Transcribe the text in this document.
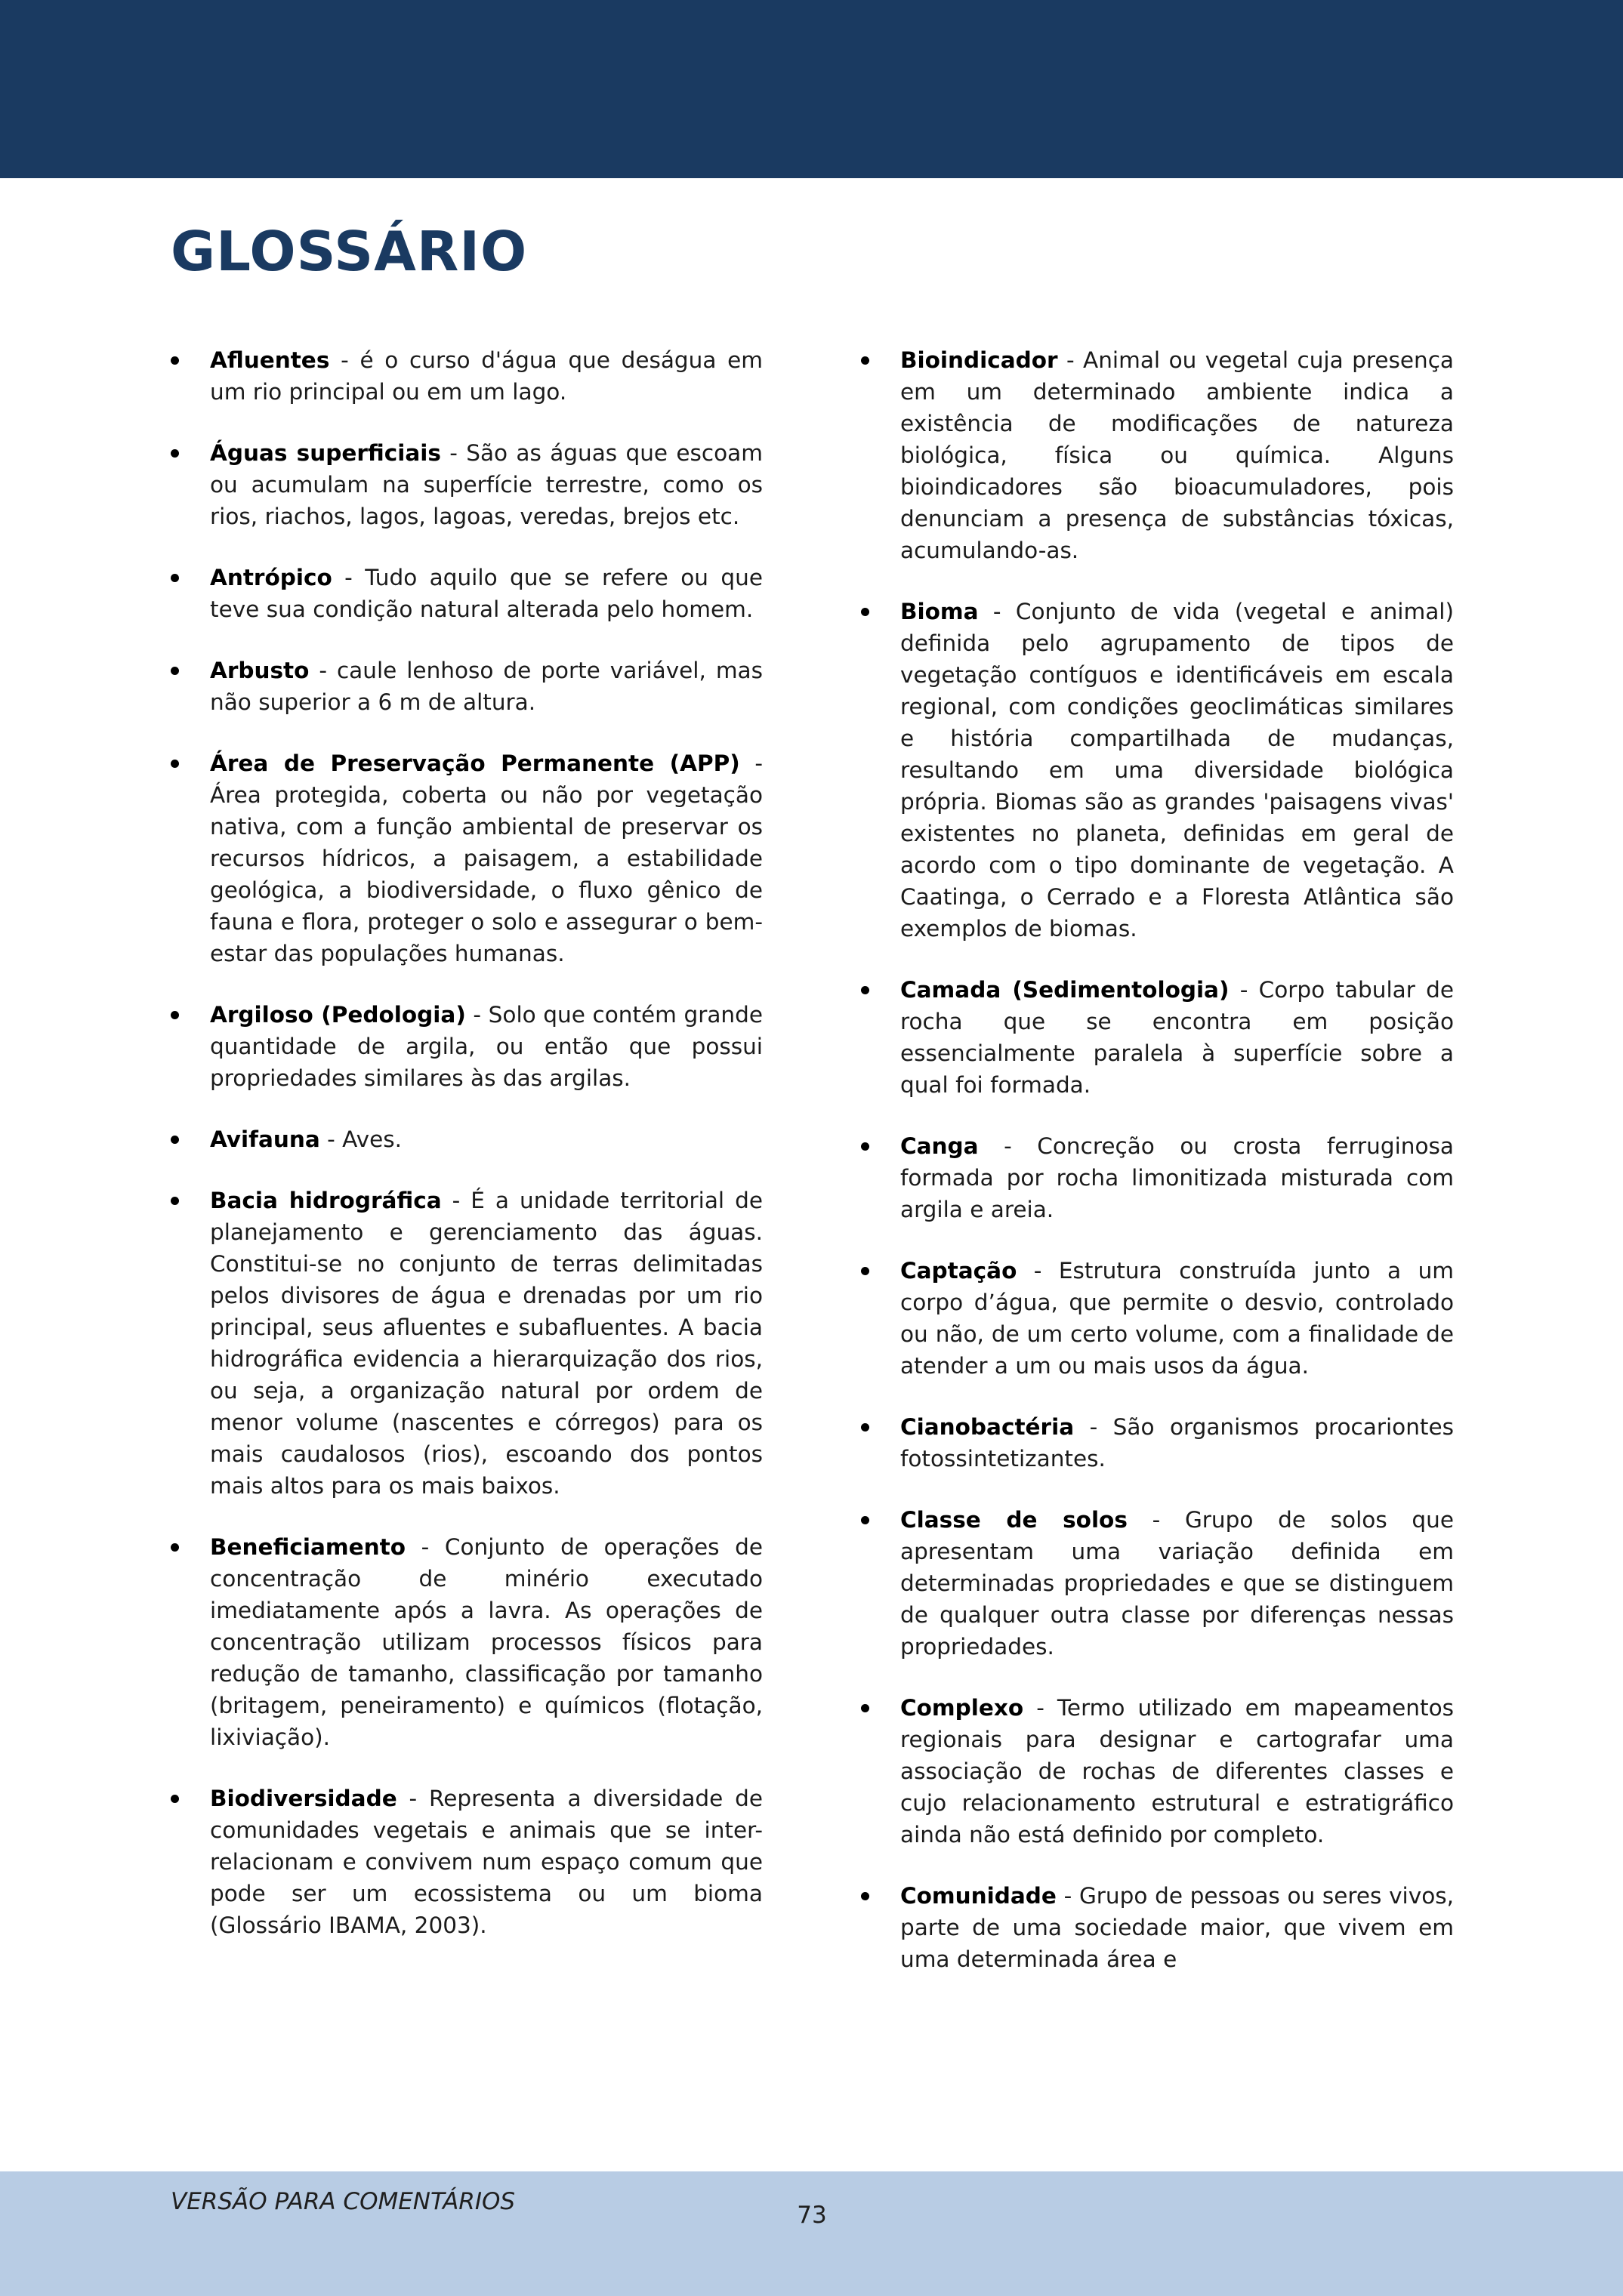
GLOSSÁRIO
Afluentes - é o curso d'água que deságua em um rio principal ou em um lago.
Águas superficiais - São as águas que escoam ou acumulam na superfície terrestre, como os rios, riachos, lagos, lagoas, veredas, brejos etc.
Antrópico - Tudo aquilo que se refere ou que teve sua condição natural alterada pelo homem.
Arbusto - caule lenhoso de porte variável, mas não superior a 6 m de altura.
Área de Preservação Permanente (APP) - Área protegida, coberta ou não por vegetação nativa, com a função ambiental de preservar os recursos hídricos, a paisagem, a estabilidade geológica, a biodiversidade, o fluxo gênico de fauna e flora, proteger o solo e assegurar o bem-estar das populações humanas.
Argiloso (Pedologia) - Solo que contém grande quantidade de argila, ou então que possui propriedades similares às das argilas.
Avifauna - Aves.
Bacia hidrográfica - É a unidade territorial de planejamento e gerenciamento das águas. Constitui-se no conjunto de terras delimitadas pelos divisores de água e drenadas por um rio principal, seus afluentes e subafluentes. A bacia hidrográfica evidencia a hierarquização dos rios, ou seja, a organização natural por ordem de menor volume (nascentes e córregos) para os mais caudalosos (rios), escoando dos pontos mais altos para os mais baixos.
Beneficiamento - Conjunto de operações de concentração de minério executado imediatamente após a lavra. As operações de concentração utilizam processos físicos para redução de tamanho, classificação por tamanho (britagem, peneiramento) e químicos (flotação, lixiviação).
Biodiversidade - Representa a diversidade de comunidades vegetais e animais que se inter-relacionam e convivem num espaço comum que pode ser um ecossistema ou um bioma (Glossário IBAMA, 2003).
Bioindicador - Animal ou vegetal cuja presença em um determinado ambiente indica a existência de modificações de natureza biológica, física ou química. Alguns bioindicadores são bioacumuladores, pois denunciam a presença de substâncias tóxicas, acumulando-as.
Bioma - Conjunto de vida (vegetal e animal) definida pelo agrupamento de tipos de vegetação contíguos e identificáveis em escala regional, com condições geoclimáticas similares e história compartilhada de mudanças, resultando em uma diversidade biológica própria. Biomas são as grandes 'paisagens vivas' existentes no planeta, definidas em geral de acordo com o tipo dominante de vegetação. A Caatinga, o Cerrado e a Floresta Atlântica são exemplos de biomas.
Camada (Sedimentologia) - Corpo tabular de rocha que se encontra em posição essencialmente paralela à superfície sobre a qual foi formada.
Canga - Concreção ou crosta ferruginosa formada por rocha limonitizada misturada com argila e areia.
Captação - Estrutura construída junto a um corpo d’água, que permite o desvio, controlado ou não, de um certo volume, com a finalidade de atender a um ou mais usos da água.
Cianobactéria - São organismos procariontes fotossintetizantes.
Classe de solos - Grupo de solos que apresentam uma variação definida em determinadas propriedades e que se distinguem de qualquer outra classe por diferenças nessas propriedades.
Complexo - Termo utilizado em mapeamentos regionais para designar e cartografar uma associação de rochas de diferentes classes e cujo relacionamento estrutural e estratigráfico ainda não está definido por completo.
Comunidade - Grupo de pessoas ou seres vivos, parte de uma sociedade maior, que vivem em uma determinada área e
VERSÃO PARA COMENTÁRIOS	73
